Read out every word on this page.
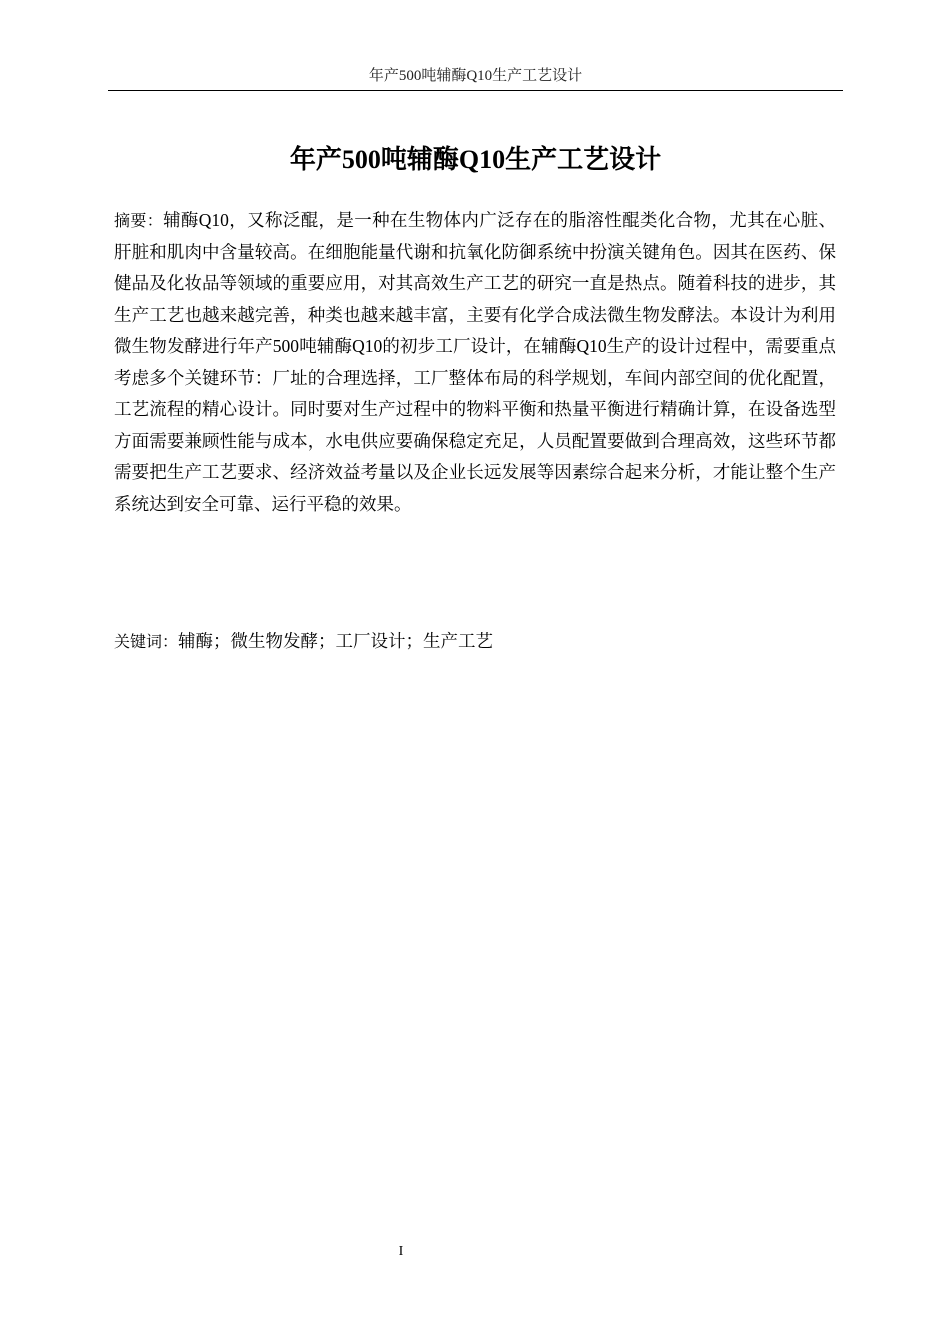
年产500吨辅酶Q10生产工艺设计
年产500吨辅酶Q10生产工艺设计

摘要：辅酶Q10，又称泛醌，是一种在生物体内广泛存在的脂溶性醌类化合物，尤其在心脏、肝脏和肌肉中含量较高。在细胞能量代谢和抗氧化防御系统中扮演关键角色。因其在医药、保健品及化妆品等领域的重要应用，对其高效生产工艺的研究一直是热点。随着科技的进步，其生产工艺也越来越完善，种类也越来越丰富，主要有化学合成法微生物发酵法。本设计为利用微生物发酵进行年产500吨辅酶Q10的初步工厂设计，在辅酶Q10生产的设计过程中，需要重点考虑多个关键环节：厂址的合理选择，工厂整体布局的科学规划，车间内部空间的优化配置，工艺流程的精心设计。同时要对生产过程中的物料平衡和热量平衡进行精确计算，在设备选型方面需要兼顾性能与成本，水电供应要确保稳定充足，人员配置要做到合理高效，这些环节都需要把生产工艺要求、经济效益考量以及企业长远发展等因素综合起来分析，才能让整个生产系统达到安全可靠、运行平稳的效果。

关键词：辅酶；微生物发酵；工厂设计；生产工艺

I
